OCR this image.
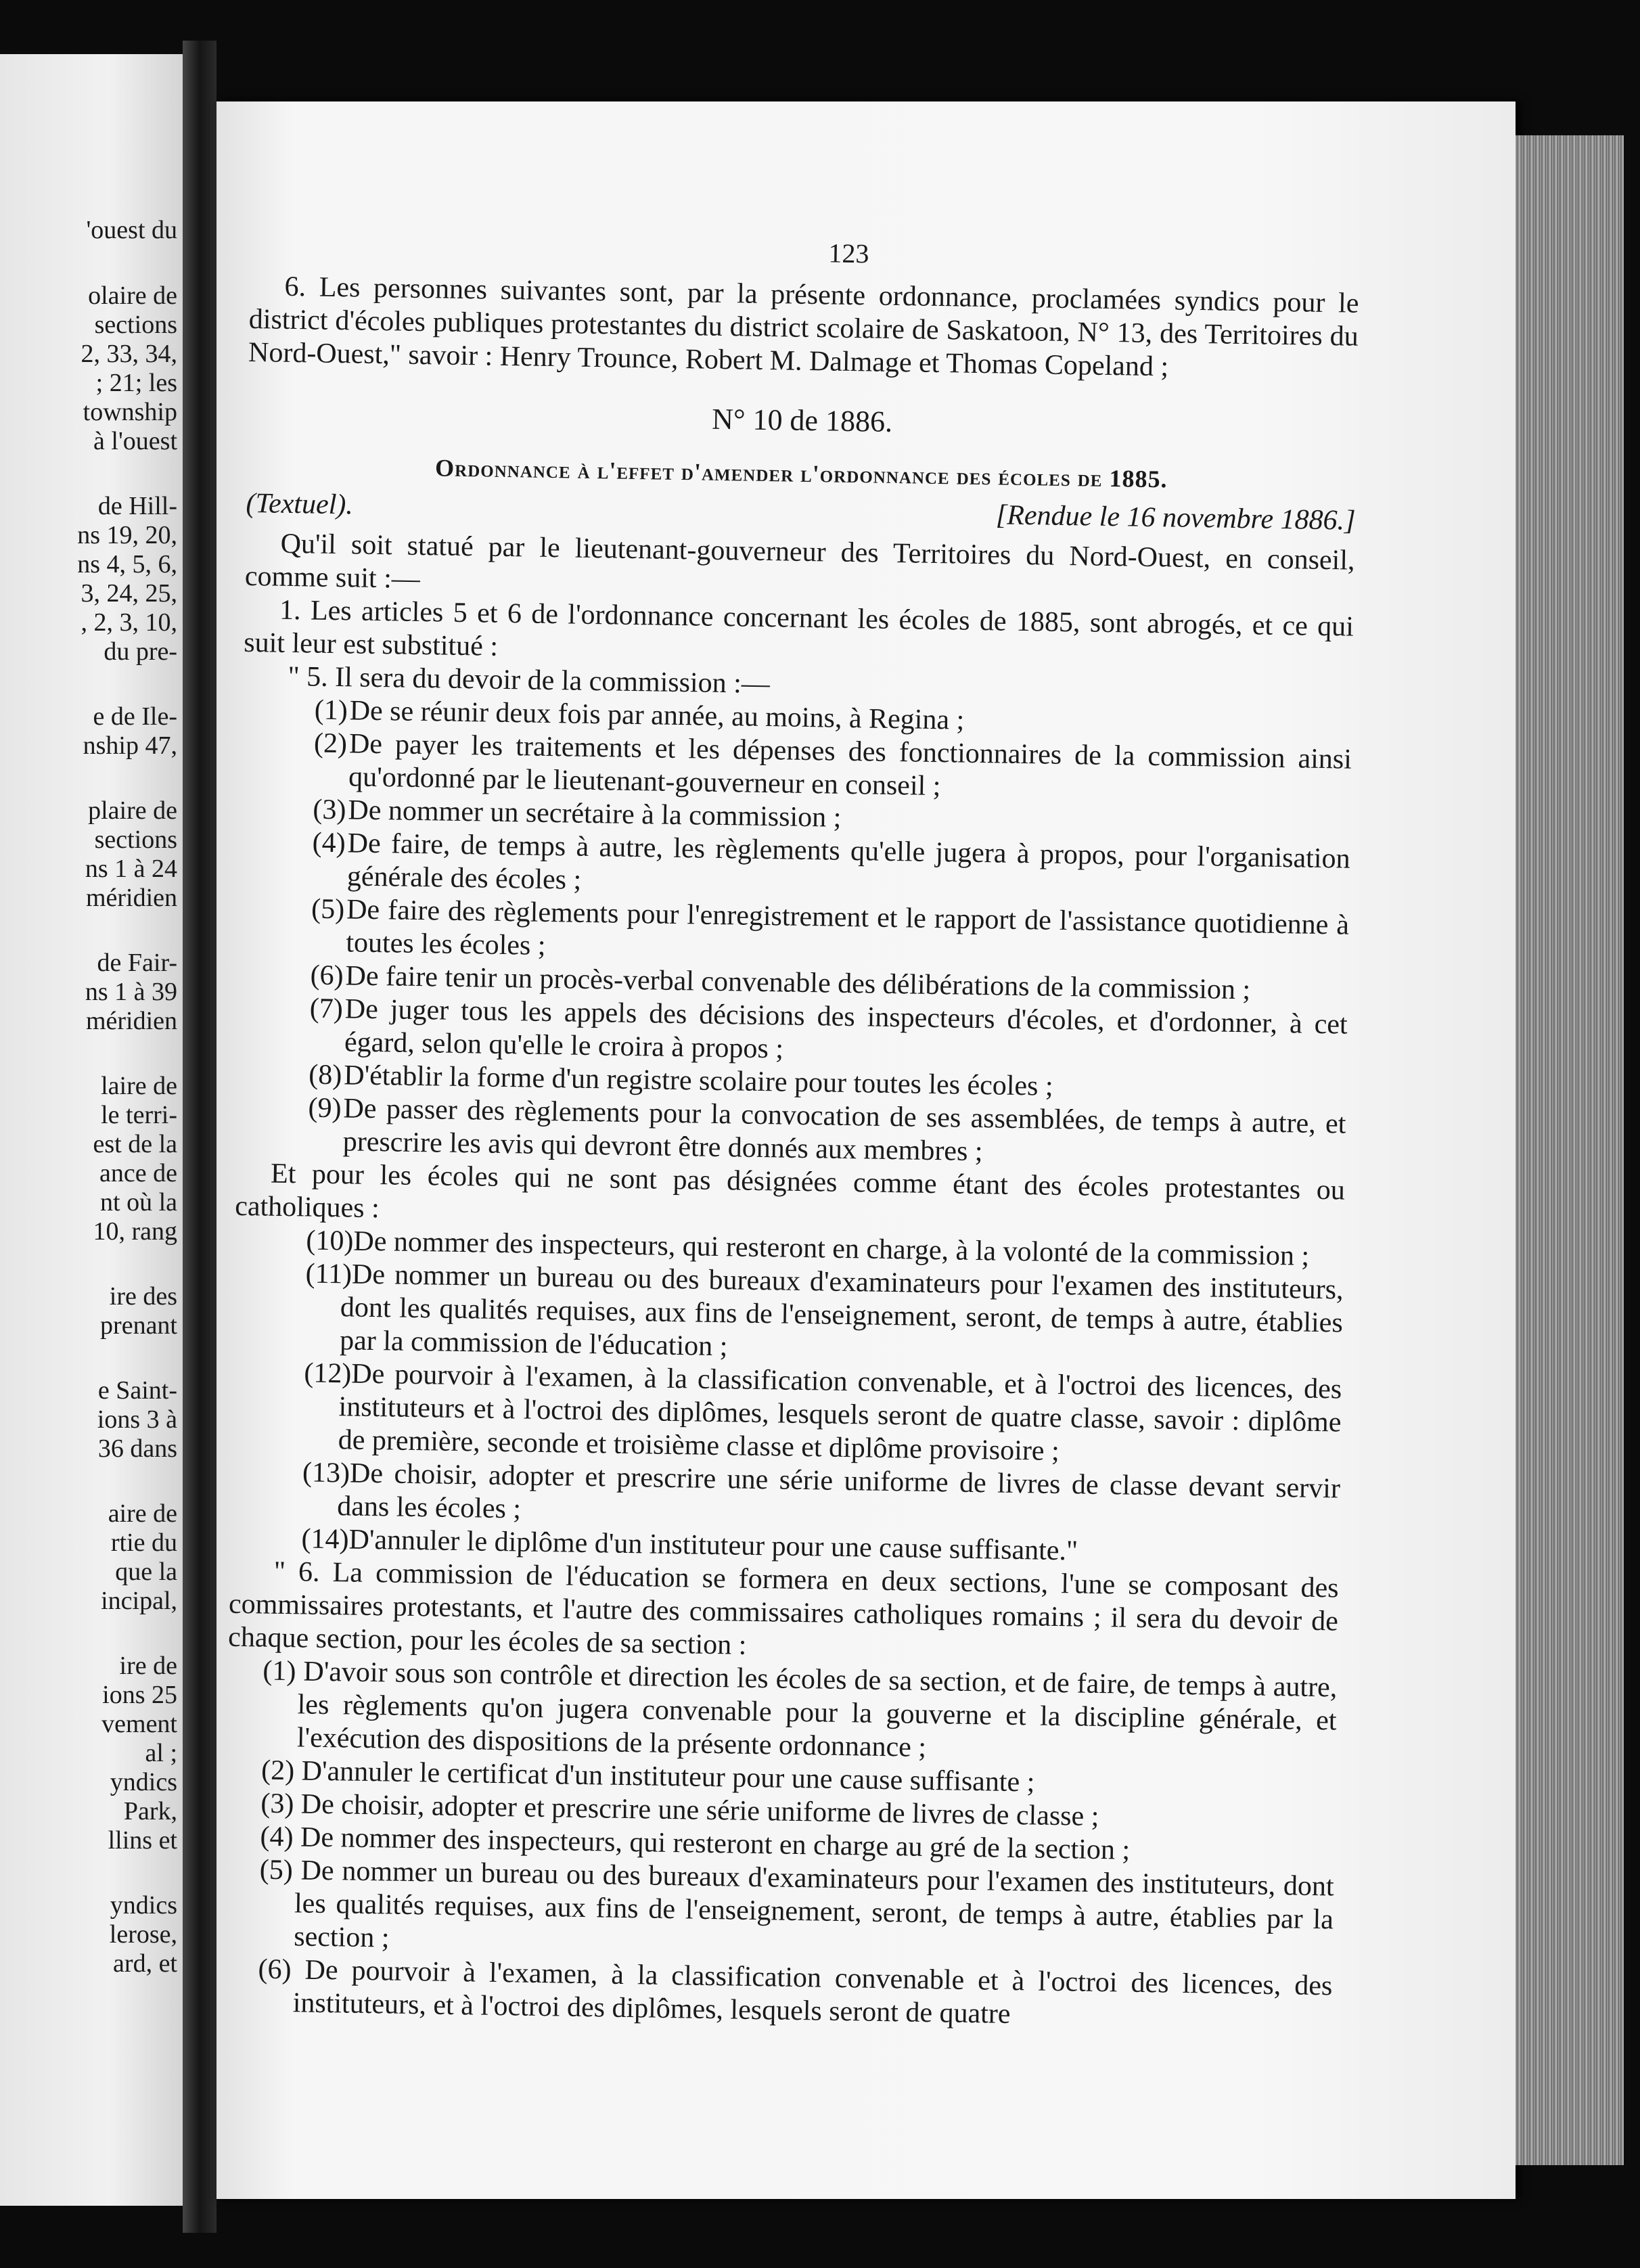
'ouest du
olaire de
sections
2, 33, 34,
; 21; les
township
à l'ouest
de Hill-
ns 19, 20,
ns 4, 5, 6,
3, 24, 25,
, 2, 3, 10,
du pre-
e de Ile-
nship 47,
plaire de
sections
ns 1 à 24
méridien
de Fair-
ns 1 à 39
méridien
laire de
le terri-
est de la
ance de
nt où la
10, rang
ire des
prenant
e Saint-
ions 3 à
36 dans
aire de
rtie du
que la
incipal,
ire de
ions 25
vement
al ;
yndics
Park,
llins et
yndics
lerose,
ard, et
123

6. Les personnes suivantes sont, par la présente ordonnance, proclamées syndics pour le district d'écoles publiques protestantes du district scolaire de Saskatoon, N° 13, des Territoires du Nord-Ouest," savoir : Henry Trounce, Robert M. Dalmage et Thomas Copeland ;

N° 10 de 1886.
Ordonnance à l'effet d'amender l'ordonnance des écoles de 1885.
(Textuel).	[Rendue le 16 novembre 1886.]

Qu'il soit statué par le lieutenant-gouverneur des Territoires du Nord-Ouest, en conseil, comme suit :—

1. Les articles 5 et 6 de l'ordonnance concernant les écoles de 1885, sont abrogés, et ce qui suit leur est substitué :

" 5. Il sera du devoir de la commission :—

(1)De se réunir deux fois par année, au moins, à Regina ;

(2)De payer les traitements et les dépenses des fonctionnaires de la commission ainsi qu'ordonné par le lieutenant-gouverneur en conseil ;

(3)De nommer un secrétaire à la commission ;

(4)De faire, de temps à autre, les règlements qu'elle jugera à propos, pour l'organisation générale des écoles ;

(5)De faire des règlements pour l'enregistrement et le rapport de l'assistance quotidienne à toutes les écoles ;

(6)De faire tenir un procès-verbal convenable des délibérations de la commission ;

(7)De juger tous les appels des décisions des inspecteurs d'écoles, et d'ordonner, à cet égard, selon qu'elle le croira à propos ;

(8)D'établir la forme d'un registre scolaire pour toutes les écoles ;

(9)De passer des règlements pour la convocation de ses assemblées, de temps à autre, et prescrire les avis qui devront être donnés aux membres ;

Et pour les écoles qui ne sont pas désignées comme étant des écoles protestantes ou catholiques :

(10)De nommer des inspecteurs, qui resteront en charge, à la volonté de la commission ;

(11)De nommer un bureau ou des bureaux d'examinateurs pour l'examen des instituteurs, dont les qualités requises, aux fins de l'enseignement, seront, de temps à autre, établies par la commission de l'éducation ;

(12)De pourvoir à l'examen, à la classification convenable, et à l'octroi des licences, des instituteurs et à l'octroi des diplômes, lesquels seront de quatre classe, savoir : diplôme de première, seconde et troisième classe et diplôme provisoire ;

(13)De choisir, adopter et prescrire une série uniforme de livres de classe devant servir dans les écoles ;

(14)D'annuler le diplôme d'un instituteur pour une cause suffisante."

" 6. La commission de l'éducation se formera en deux sections, l'une se composant des commissaires protestants, et l'autre des commissaires catholiques romains ; il sera du devoir de chaque section, pour les écoles de sa section :

(1) D'avoir sous son contrôle et direction les écoles de sa section, et de faire, de temps à autre, les règlements qu'on jugera convenable pour la gouverne et la discipline générale, et l'exécution des dispositions de la présente ordonnance ;

(2) D'annuler le certificat d'un instituteur pour une cause suffisante ;

(3) De choisir, adopter et prescrire une série uniforme de livres de classe ;

(4) De nommer des inspecteurs, qui resteront en charge au gré de la section ;

(5) De nommer un bureau ou des bureaux d'examinateurs pour l'examen des instituteurs, dont les qualités requises, aux fins de l'enseignement, seront, de temps à autre, établies par la section ;

(6) De pourvoir à l'examen, à la classification convenable et à l'octroi des licences, des instituteurs, et à l'octroi des diplômes, lesquels seront de quatre
